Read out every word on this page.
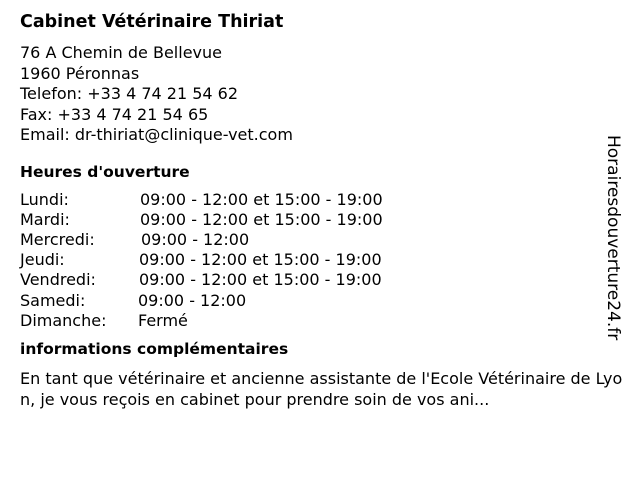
Cabinet Vétérinaire Thiriat
76 A Chemin de Bellevue
1960 Péronnas
Telefon: +33 4 74 21 54 62
Fax: +33 4 74 21 54 65
Email: dr-thiriat@clinique-vet.com
Heures d'ouverture
Lundi:	09:00 - 12:00 et 15:00 - 19:00
Mardi:	09:00 - 12:00 et 15:00 - 19:00
Mercredi:	09:00 - 12:00
Jeudi:	09:00 - 12:00 et 15:00 - 19:00
Vendredi:	09:00 - 12:00 et 15:00 - 19:00
Samedi:	09:00 - 12:00
Dimanche:	Fermé
informations complémentaires

En tant que vétérinaire et ancienne assistante de l'Ecole Vétérinaire de Lyon, je vous reçois en cabinet pour prendre soin de vos ani...

Horairesdouverture24.fr
